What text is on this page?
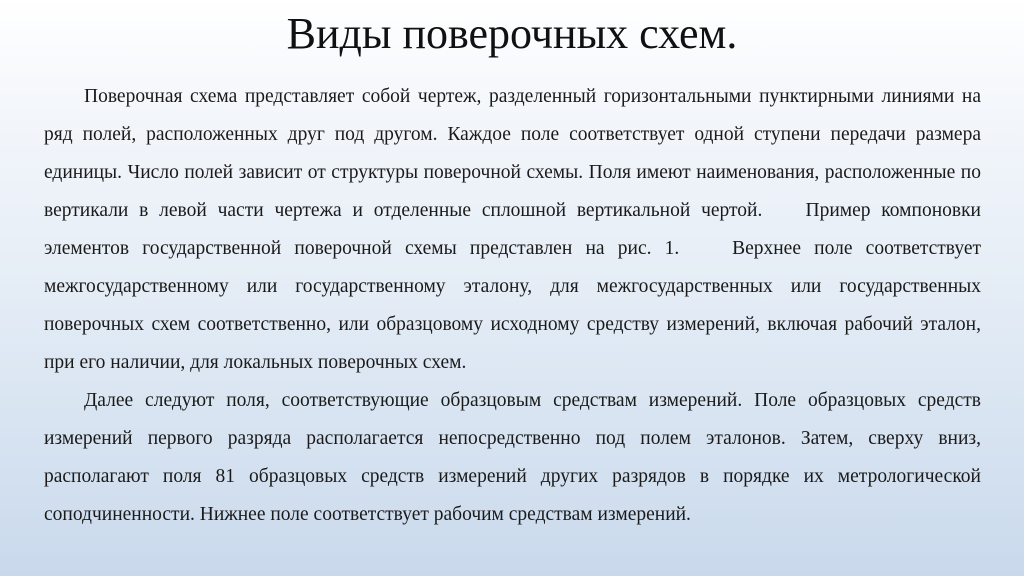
Виды поверочных схем.

Поверочная схема представляет собой чертеж, разделенный горизонтальными пунктирными линиями на ряд полей, расположенных друг под другом. Каждое поле соответствует одной ступени передачи размера единицы. Число полей зависит от структуры поверочной схемы. Поля имеют наименования, расположенные по вертикали в левой части чертежа и отделенные сплошной вертикальной чертой.    Пример компоновки элементов государственной поверочной схемы представлен на рис. 1.    Верхнее поле соответствует межгосударственному или государственному эталону, для межгосударственных или государственных поверочных схем соответственно, или образцовому исходному средству измерений, включая рабочий эталон, при его наличии, для локальных поверочных схем.

Далее следуют поля, соответствующие образцовым средствам измерений. Поле образцовых средств измерений первого разряда располагается непосредственно под полем эталонов. Затем, сверху вниз, располагают поля 81 образцовых средств измерений других разрядов в порядке их метрологической соподчиненности. Нижнее поле соответствует рабочим средствам измерений.
